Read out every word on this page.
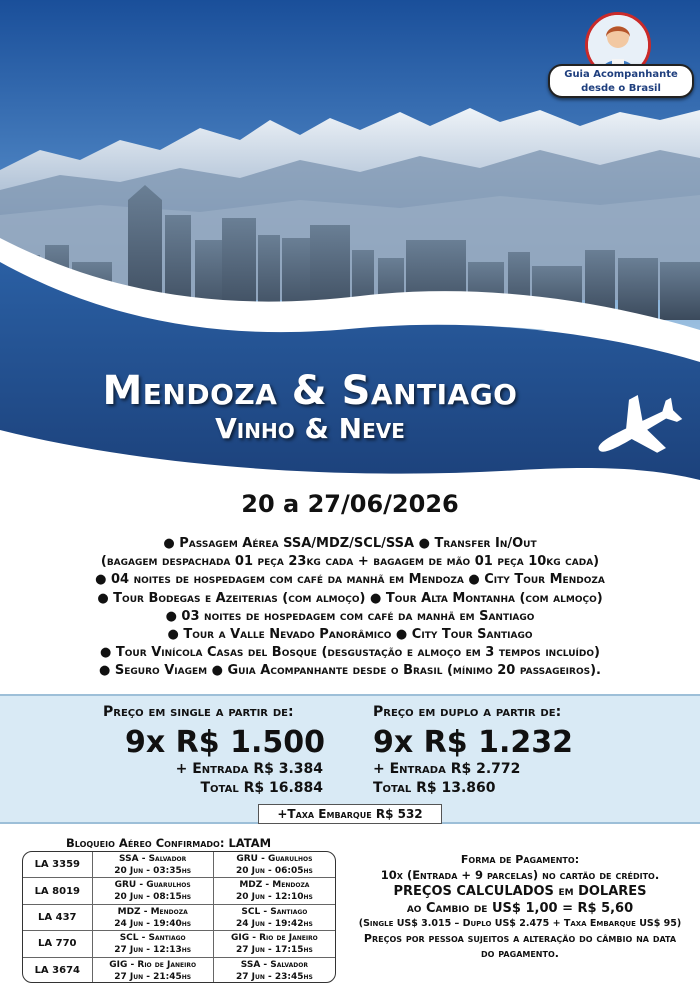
Guia Acompanhante
desde o Brasil
Mendoza & Santiago
Vinho & Neve
20 a 27/06/2026
● Passagem Aérea SSA/MDZ/SCL/SSA ● Transfer In/Out
(bagagem despachada 01 peça 23kg cada + bagagem de mão 01 peça 10kg cada)
● 04 noites de hospedagem com café da manhã em Mendoza ● City Tour Mendoza
● Tour Bodegas e Azeiterias (com almoço) ● Tour Alta Montanha (com almoço)
● 03 noites de hospedagem com café da manhã em Santiago
● Tour a Valle Nevado Panorâmico ● City Tour Santiago
● Tour Vinícola Casas del Bosque (desgustação e almoço em 3 tempos incluído)
● Seguro Viagem ● Guia Acompanhante desde o Brasil (mínimo 20 passageiros).
Preço em single a partir de:
9x R$ 1.500
+ Entrada R$ 3.384
Total R$ 16.884
Preço em duplo a partir de:
9x R$ 1.232
+ Entrada R$ 2.772
Total R$ 13.860
+Taxa Embarque R$ 532
Bloqueio Aéreo Confirmado: LATAM
LA 3359
SSA - Salvador
20 Jun - 03:35hs
GRU - Guarulhos
20 Jun - 06:05hs
LA 8019
GRU - Guarulhos
20 Jun - 08:15hs
MDZ - Mendoza
20 Jun - 12:10hs
LA 437
MDZ - Mendoza
24 Jun - 19:40hs
SCL - Santiago
24 Jun - 19:42hs
LA 770
SCL - Santiago
27 Jun - 12:13hs
GIG - Rio de Janeiro
27 Jun - 17:15hs
LA 3674
GIG - Rio de Janeiro
27 Jun - 21:45hs
SSA - Salvador
27 Jun - 23:45hs
Forma de Pagamento:
10x (Entrada + 9 parcelas) no cartão de crédito.
PREÇOS CALCULADOS em DOLARES
ao Cambio de US$ 1,00 = R$ 5,60
(Single US$ 3.015 – Duplo US$ 2.475 + Taxa Embarque US$ 95)
Preços por pessoa sujeitos a alteração do câmbio na data
do pagamento.
